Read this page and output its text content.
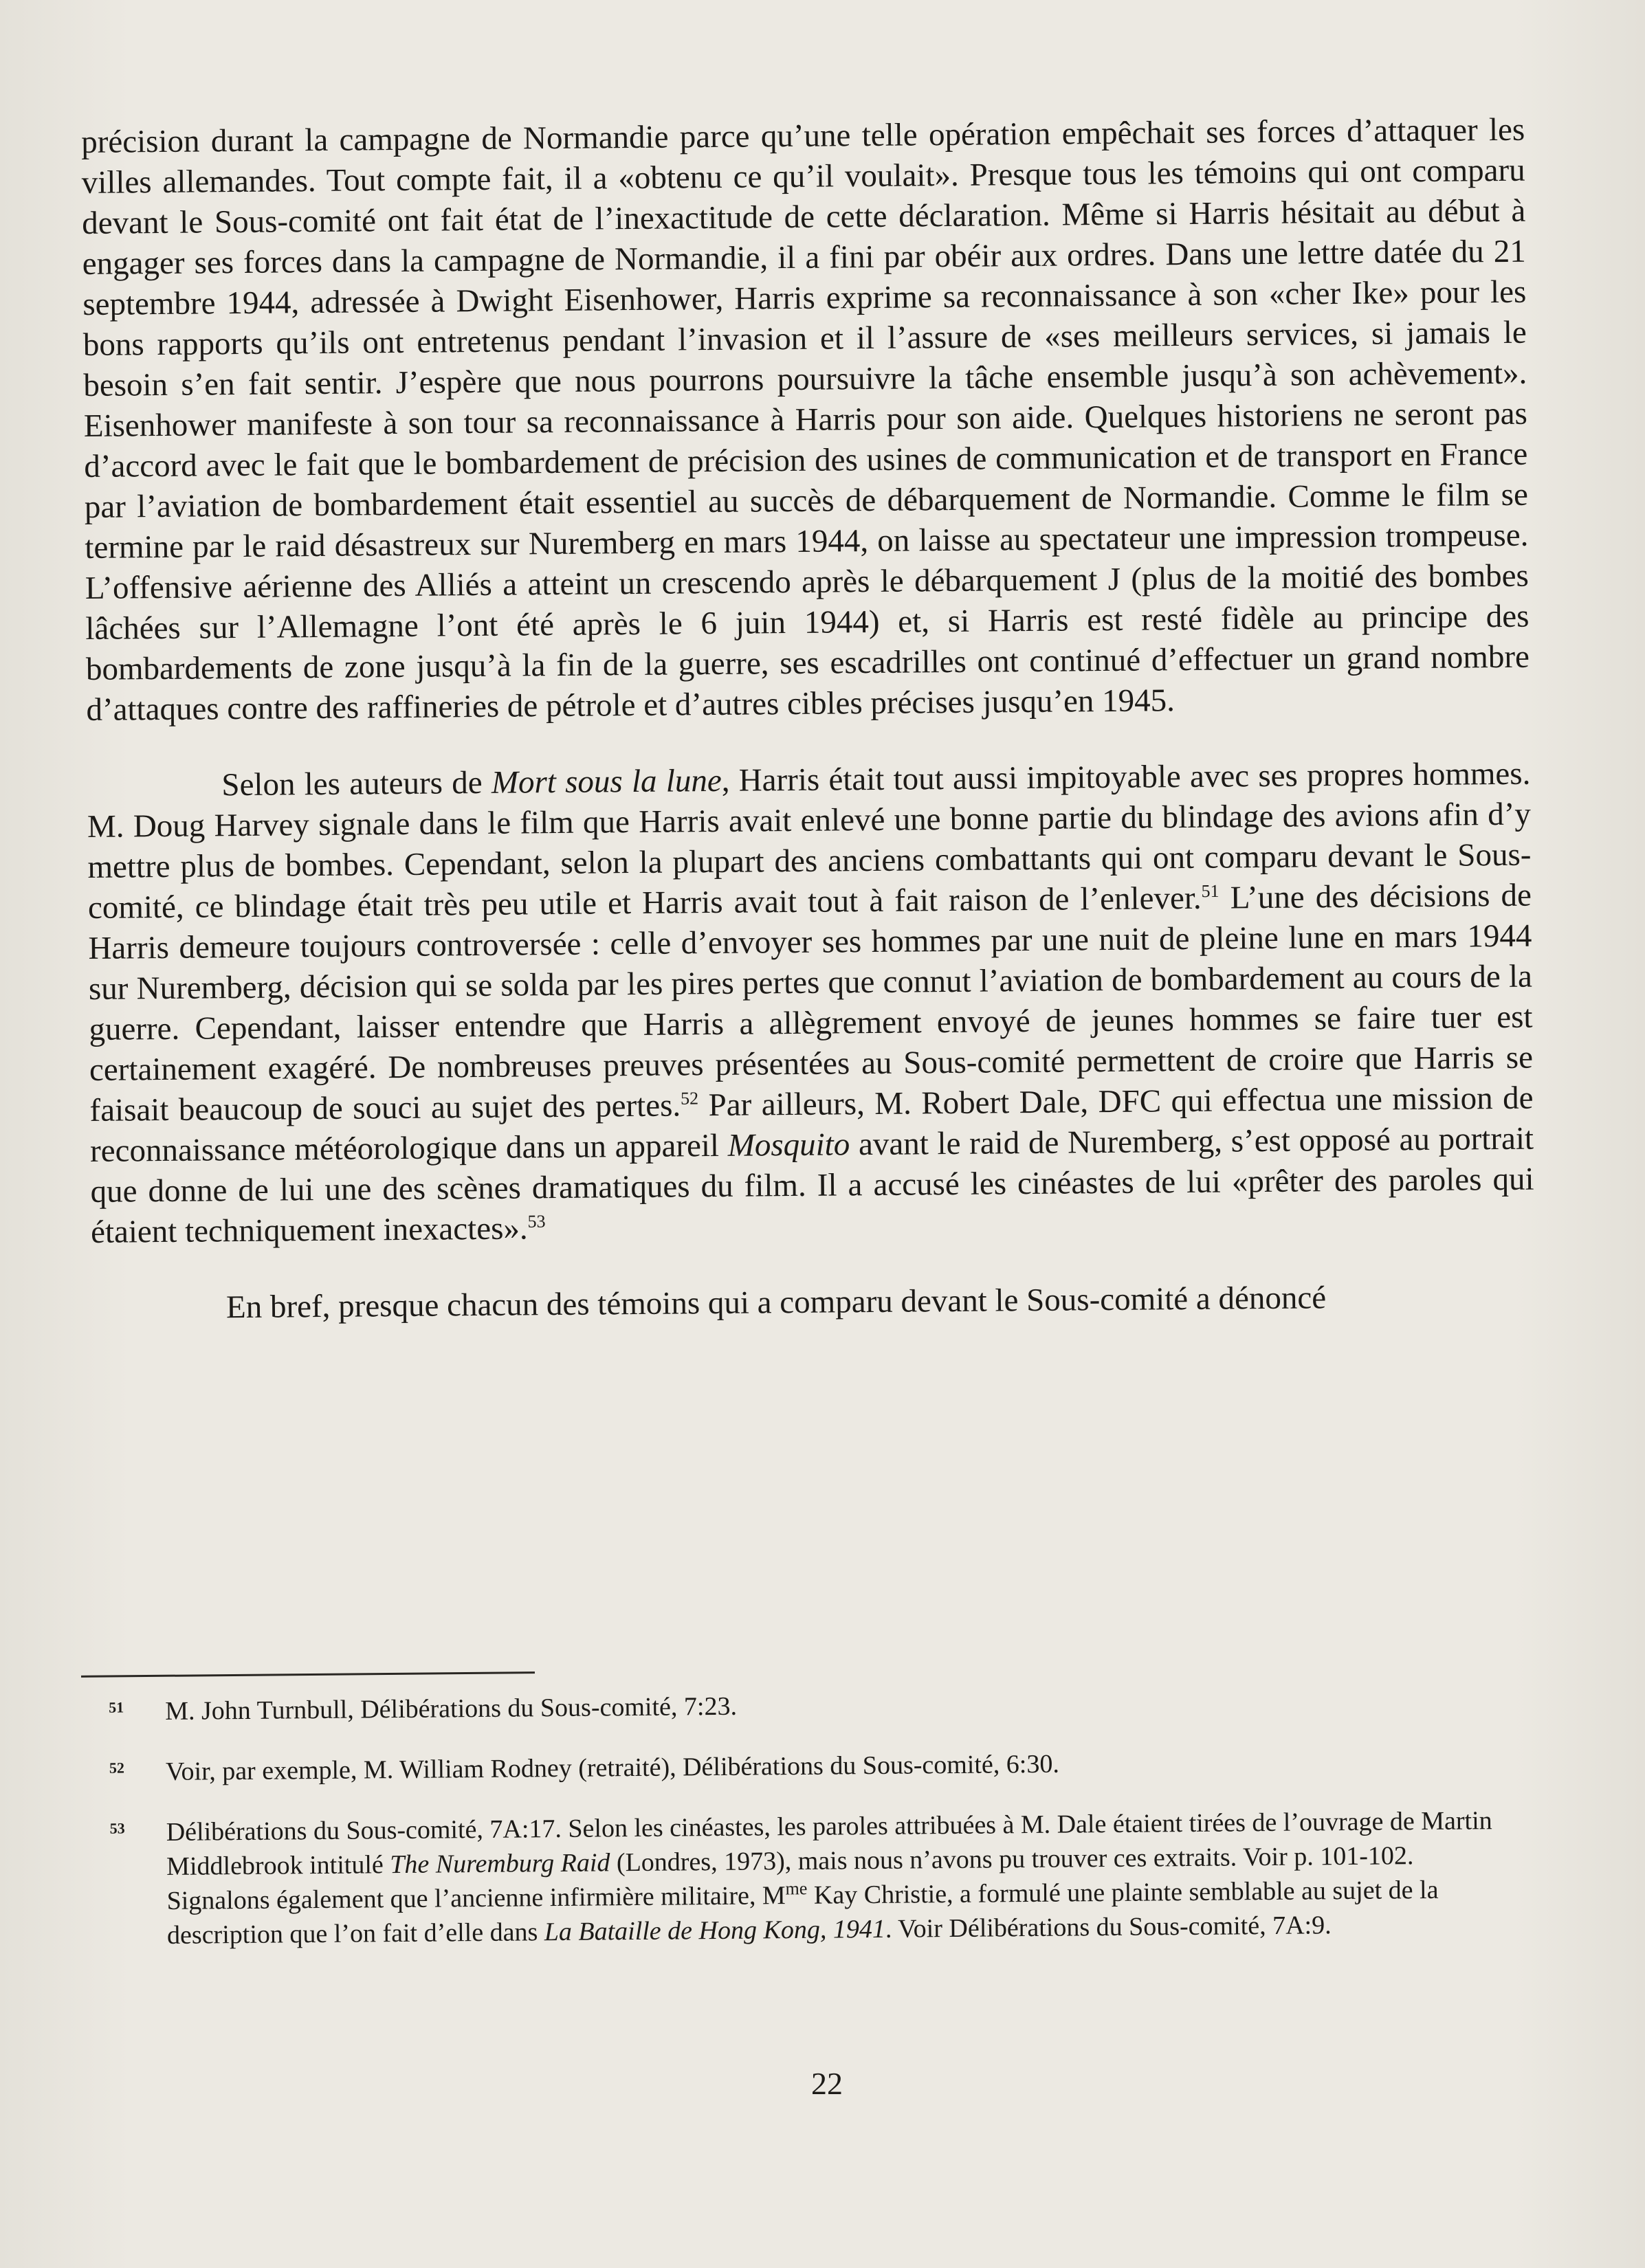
précision durant la campagne de Normandie parce qu’une telle opération empêchait ses forces d’attaquer les villes allemandes. Tout compte fait, il a «obtenu ce qu’il voulait». Presque tous les témoins qui ont comparu devant le Sous-comité ont fait état de l’inexactitude de cette déclaration. Même si Harris hésitait au début à engager ses forces dans la campagne de Normandie, il a fini par obéir aux ordres. Dans une lettre datée du 21 septembre 1944, adressée à Dwight Eisenhower, Harris exprime sa reconnaissance à son «cher Ike» pour les bons rapports qu’ils ont entretenus pendant l’invasion et il l’assure de «ses meilleurs services, si jamais le besoin s’en fait sentir. J’espère que nous pourrons poursuivre la tâche ensemble jusqu’à son achèvement». Eisenhower manifeste à son tour sa reconnaissance à Harris pour son aide. Quelques historiens ne seront pas d’accord avec le fait que le bombardement de précision des usines de communication et de transport en France par l’aviation de bombardement était essentiel au succès de débarquement de Normandie. Comme le film se termine par le raid désastreux sur Nuremberg en mars 1944, on laisse au spectateur une impression trompeuse. L’offensive aérienne des Alliés a atteint un crescendo après le débarquement J (plus de la moitié des bombes lâchées sur l’Allemagne l’ont été après le 6 juin 1944) et, si Harris est resté fidèle au principe des bombardements de zone jusqu’à la fin de la guerre, ses escadrilles ont continué d’effectuer un grand nombre d’attaques contre des raffineries de pétrole et d’autres cibles précises jusqu’en 1945.

Selon les auteurs de Mort sous la lune, Harris était tout aussi impitoyable avec ses propres hommes. M. Doug Harvey signale dans le film que Harris avait enlevé une bonne partie du blindage des avions afin d’y mettre plus de bombes. Cependant, selon la plupart des anciens combattants qui ont comparu devant le Sous-comité, ce blindage était très peu utile et Harris avait tout à fait raison de l’enlever.$^{51}$ L’une des décisions de Harris demeure toujours controversée : celle d’envoyer ses hommes par une nuit de pleine lune en mars 1944 sur Nuremberg, décision qui se solda par les pires pertes que connut l’aviation de bombardement au cours de la guerre. Cependant, laisser entendre que Harris a allègrement envoyé de jeunes hommes se faire tuer est certainement exagéré. De nombreuses preuves présentées au Sous-comité permettent de croire que Harris se faisait beaucoup de souci au sujet des pertes.$^{52}$ Par ailleurs, M. Robert Dale, DFC qui effectua une mission de reconnaissance météorologique dans un appareil Mosquito avant le raid de Nuremberg, s’est opposé au portrait que donne de lui une des scènes dramatiques du film. Il a accusé les cinéastes de lui «prêter des paroles qui étaient techniquement inexactes».$^{53}$

En bref, presque chacun des témoins qui a comparu devant le Sous-comité a dénoncé

51 M. John Turnbull, Délibérations du Sous-comité, 7:23.
52 Voir, par exemple, M. William Rodney (retraité), Délibérations du Sous-comité, 6:30.
53 Délibérations du Sous-comité, 7A:17. Selon les cinéastes, les paroles attribuées à M. Dale étaient tirées de l’ouvrage de Martin Middlebrook intitulé The Nuremburg Raid (Londres, 1973), mais nous n’avons pu trouver ces extraits. Voir p. 101-102. Signalons également que l’ancienne infirmière militaire, $M^{me}$ Kay Christie, a formulé une plainte semblable au sujet de la description que l’on fait d’elle dans La Bataille de Hong Kong, 1941. Voir Délibérations du Sous-comité, 7A:9.
22
